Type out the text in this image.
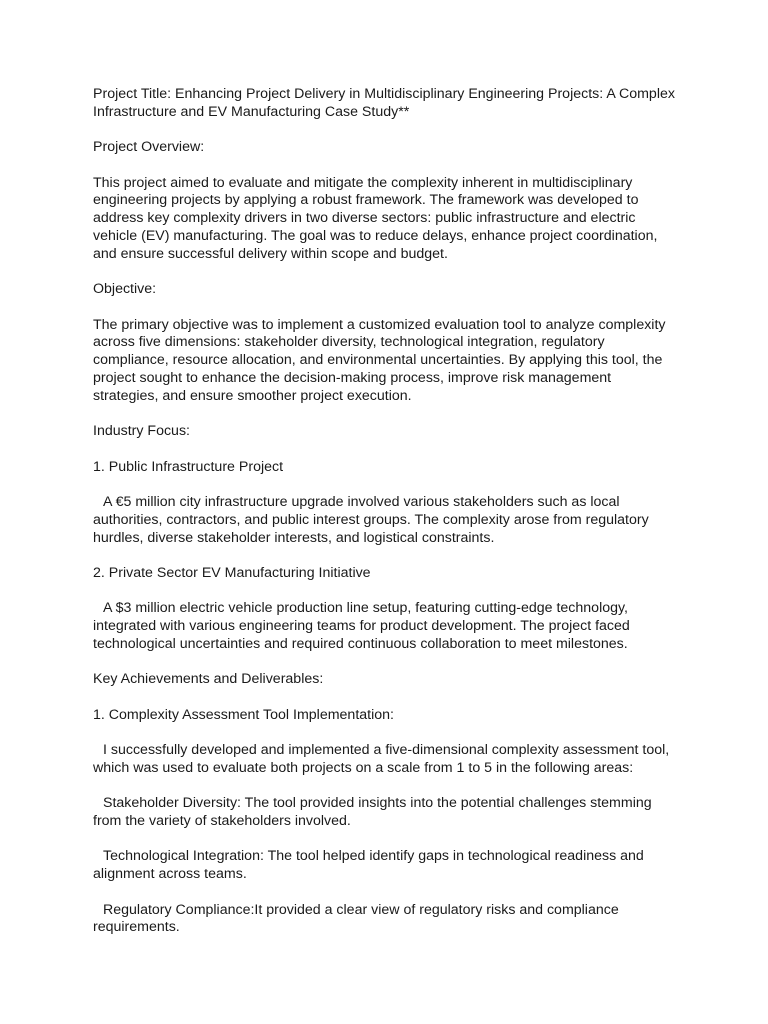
Project Title: Enhancing Project Delivery in Multidisciplinary Engineering Projects: A Complex Infrastructure and EV Manufacturing Case Study**

Project Overview:

This project aimed to evaluate and mitigate the complexity inherent in multidisciplinary engineering projects by applying a robust framework. The framework was developed to address key complexity drivers in two diverse sectors: public infrastructure and electric vehicle (EV) manufacturing. The goal was to reduce delays, enhance project coordination, and ensure successful delivery within scope and budget.

Objective:

The primary objective was to implement a customized evaluation tool to analyze complexity across five dimensions: stakeholder diversity, technological integration, regulatory compliance, resource allocation, and environmental uncertainties. By applying this tool, the project sought to enhance the decision-making process, improve risk management strategies, and ensure smoother project execution.

Industry Focus:

1. Public Infrastructure Project

A €5 million city infrastructure upgrade involved various stakeholders such as local authorities, contractors, and public interest groups. The complexity arose from regulatory hurdles, diverse stakeholder interests, and logistical constraints.

2. Private Sector EV Manufacturing Initiative

A $3 million electric vehicle production line setup, featuring cutting-edge technology, integrated with various engineering teams for product development. The project faced technological uncertainties and required continuous collaboration to meet milestones.

Key Achievements and Deliverables:

1. Complexity Assessment Tool Implementation:

I successfully developed and implemented a five-dimensional complexity assessment tool, which was used to evaluate both projects on a scale from 1 to 5 in the following areas:

Stakeholder Diversity: The tool provided insights into the potential challenges stemming from the variety of stakeholders involved.

Technological Integration: The tool helped identify gaps in technological readiness and alignment across teams.

Regulatory Compliance:It provided a clear view of regulatory risks and compliance requirements.
